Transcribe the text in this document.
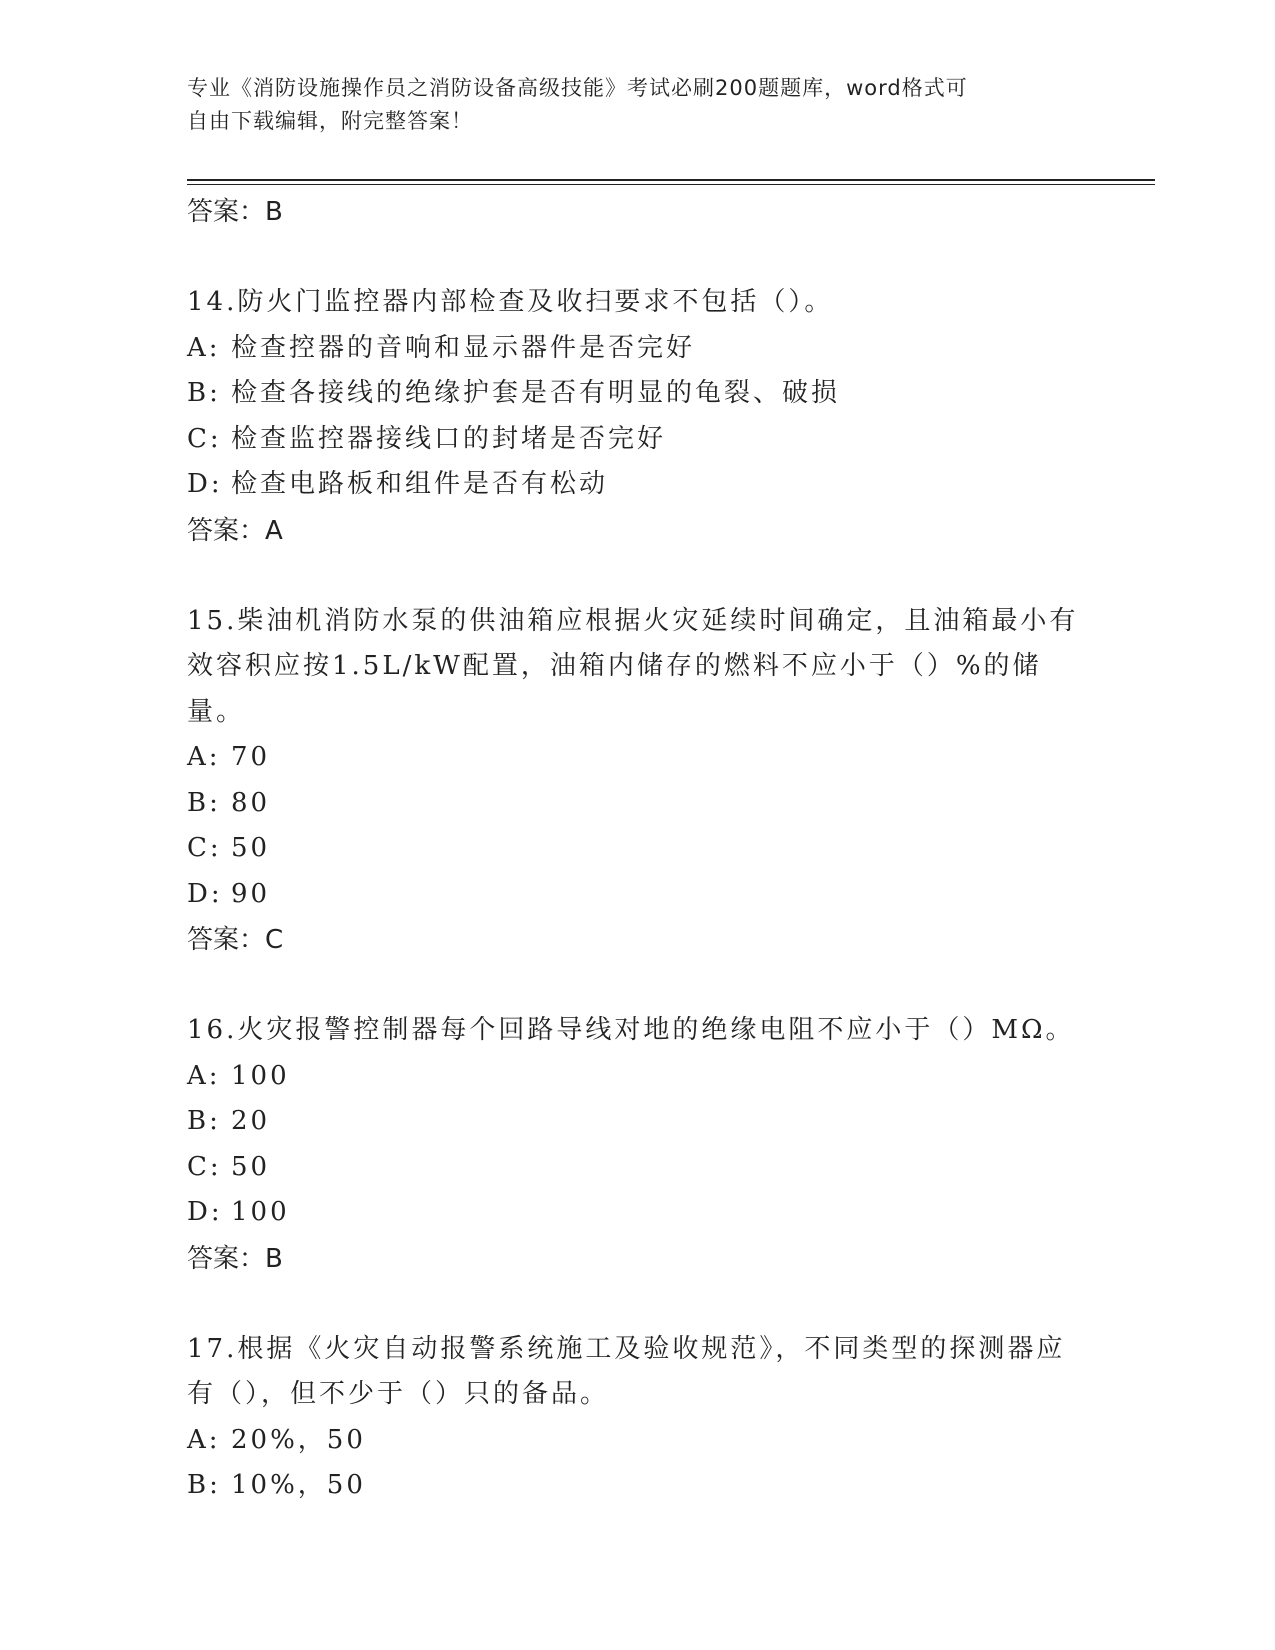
专业《消防设施操作员之消防设备高级技能》考试必刷200题题库，word格式可
自由下载编辑，附完整答案！
答案：B
14.防火门监控器内部检查及收扫要求不包括（）。
A: 检查控器的音响和显示器件是否完好
B: 检查各接线的绝缘护套是否有明显的龟裂、破损
C: 检查监控器接线口的封堵是否完好
D: 检查电路板和组件是否有松动
答案：A
15.柴油机消防水泵的供油箱应根据火灾延续时间确定，且油箱最小有
效容积应按1.5L/kW配置，油箱内储存的燃料不应小于（）%的储量。
A: 70
B: 80
C: 50
D: 90
答案：C
16.火灾报警控制器每个回路导线对地的绝缘电阻不应小于（）MΩ。
A: 100
B: 20
C: 50
D: 100
答案：B
17.根据《火灾自动报警系统施工及验收规范》，不同类型的探测器应
有（），但不少于（）只的备品。
A: 20%，50
B: 10%，50
